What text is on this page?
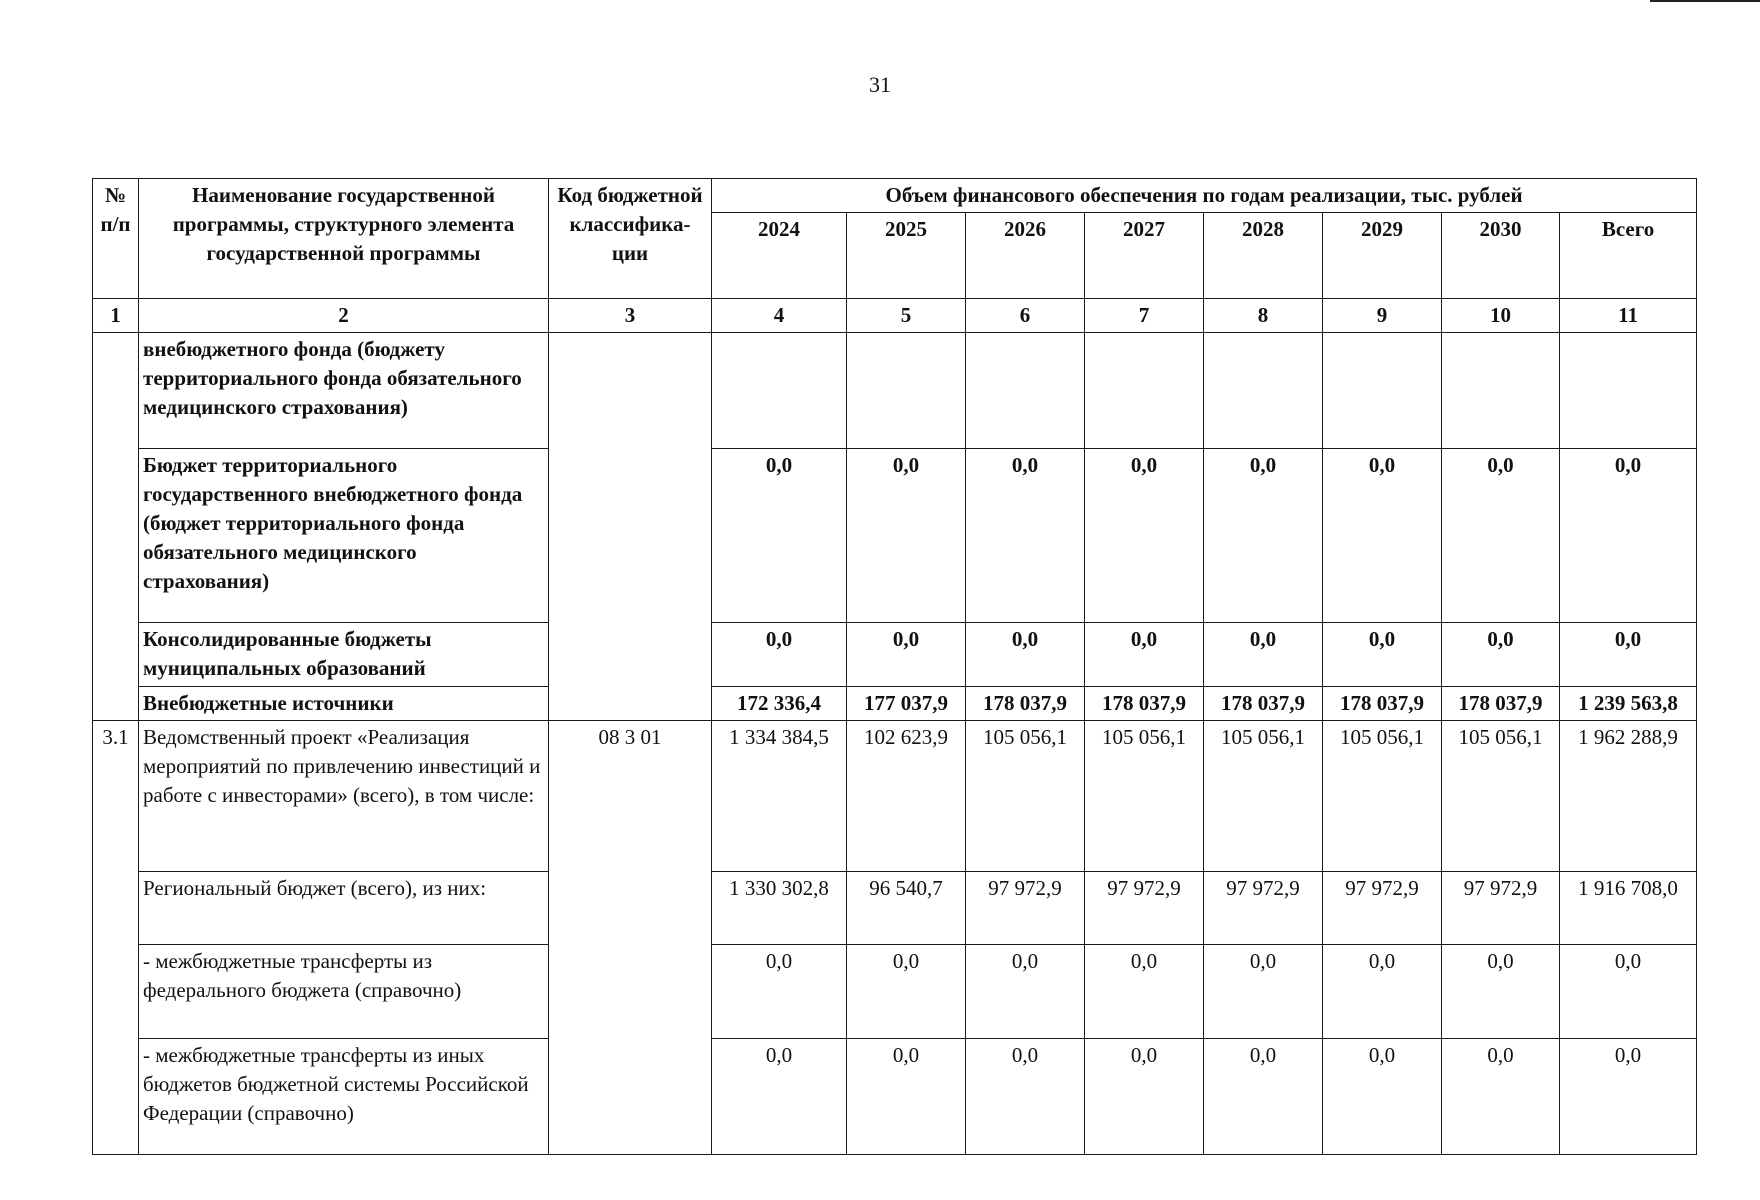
31
№ п/п	Наименование государственной программы, структурного элемента государственной программы	Код бюджетной классифика-ции	Объем финансового обеспечения по годам реализации, тыс. рублей							
			2024	2025	2026	2027	2028	2029	2030	Всего
1	2	3	4	5	6	7	8	9	10	11
	внебюджетного фонда (бюджету территориального фонда обязательного медицинского страхования)									
	Бюджет территориального государственного внебюджетного фонда (бюджет территориального фонда обязательного медицинского страхования)		0,0	0,0	0,0	0,0	0,0	0,0	0,0	0,0
	Консолидированные бюджеты муниципальных образований		0,0	0,0	0,0	0,0	0,0	0,0	0,0	0,0
	Внебюджетные источники		172 336,4	177 037,9	178 037,9	178 037,9	178 037,9	178 037,9	178 037,9	1 239 563,8
3.1	Ведомственный проект «Реализация мероприятий по привлечению инвестиций и работе с инвесторами» (всего), в том числе:	08 3 01	1 334 384,5	102 623,9	105 056,1	105 056,1	105 056,1	105 056,1	105 056,1	1 962 288,9
	Региональный бюджет (всего), из них:		1 330 302,8	96 540,7	97 972,9	97 972,9	97 972,9	97 972,9	97 972,9	1 916 708,0
	- межбюджетные трансферты из федерального бюджета (справочно)		0,0	0,0	0,0	0,0	0,0	0,0	0,0	0,0
	- межбюджетные трансферты из иных бюджетов бюджетной системы Российской Федерации (справочно)		0,0	0,0	0,0	0,0	0,0	0,0	0,0	0,0
